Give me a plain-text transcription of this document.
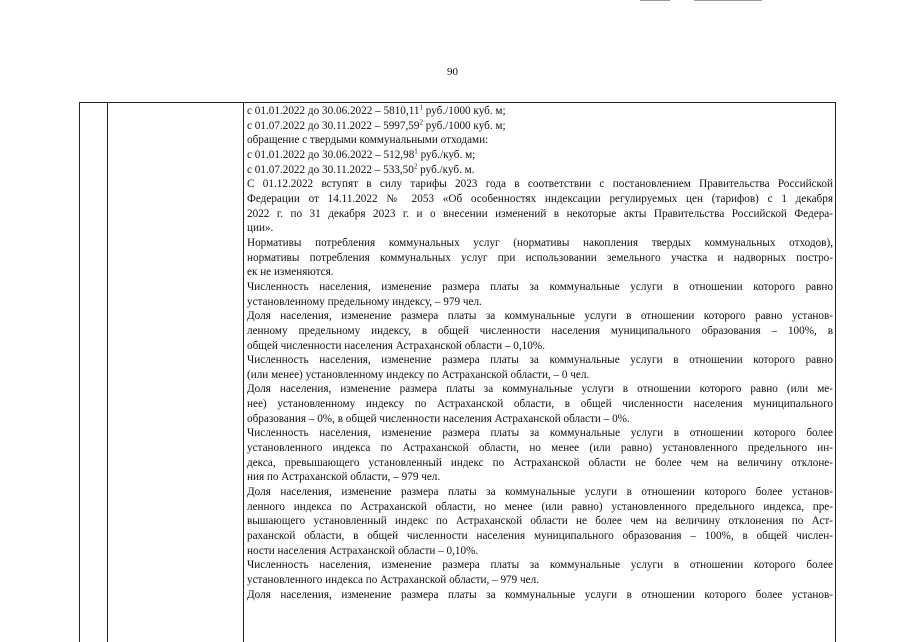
90
с 01.01.2022 до 30.06.2022 – 5810,11$^1$ руб./1000 куб. м;
с 01.07.2022 до 30.11.2022 – 5997,59$^2$ руб./1000 куб. м;
обращение с твердыми коммунальными отходами:
с 01.01.2022 до 30.06.2022 – 512,98$^1$ руб./куб. м;
с 01.07.2022 до 30.11.2022 – 533,50$^2$ руб./куб. м.
С 01.12.2022 вступят в силу тарифы 2023 года в соответствии с постановлением Правительства Российской
Федерации от 14.11.2022 № 2053 «Об особенностях индексации регулируемых цен (тарифов) с 1 декабря
2022 г. по 31 декабря 2023 г. и о внесении изменений в некоторые акты Правительства Российской Федера-
ции».
Нормативы потребления коммунальных услуг (нормативы накопления твердых коммунальных отходов),
нормативы потребления коммунальных услуг при использовании земельного участка и надворных постро-
ек не изменяются.
Численность населения, изменение размера платы за коммунальные услуги в отношении которого равно
установленному предельному индексу, – 979 чел.
Доля населения, изменение размера платы за коммунальные услуги в отношении которого равно установ-
ленному предельному индексу, в общей численности населения муниципального образования – 100%, в
общей численности населения Астраханской области – 0,10%.
Численность населения, изменение размера платы за коммунальные услуги в отношении которого равно
(или менее) установленному индексу по Астраханской области, – 0 чел.
Доля населения, изменение размера платы за коммунальные услуги в отношении которого равно (или ме-
нее) установленному индексу по Астраханской области, в общей численности населения муниципального
образования – 0%, в общей численности населения Астраханской области – 0%.
Численность населения, изменение размера платы за коммунальные услуги в отношении которого более
установленного индекса по Астраханской области, но менее (или равно) установленного предельного ин-
декса, превышающего установленный индекс по Астраханской области не более чем на величину отклоне-
ния по Астраханской области, – 979 чел.
Доля населения, изменение размера платы за коммунальные услуги в отношении которого более установ-
ленного индекса по Астраханской области, но менее (или равно) установленного предельного индекса, пре-
вышающего установленный индекс по Астраханской области не более чем на величину отклонения по Аст-
раханской области, в общей численности населения муниципального образования – 100%, в общей числен-
ности населения Астраханской области – 0,10%.
Численность населения, изменение размера платы за коммунальные услуги в отношении которого более
установленного индекса по Астраханской области, – 979 чел.
Доля населения, изменение размера платы за коммунальные услуги в отношении которого более установ-
